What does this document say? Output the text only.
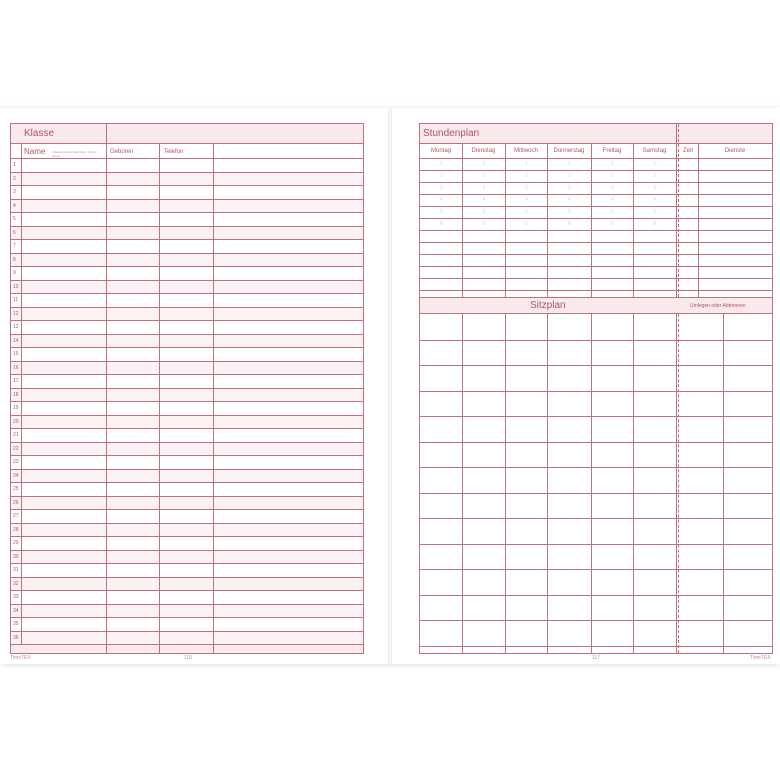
Klasse
Name (Klassenfoto/Schülerfoto) / Kürzel Name
Geboren	Telefon
1
2
3
4
5
6
7
8
9
10
11
12
13
14
15
16
17
18
19
20
21
22
23
24
25
26
27
28
29
30
31
32
33
34
35
36
TimeTEX	116
Stundenplan
Montag	Dienstag	Mittwoch	Donnerstag	Freitag	Samstag	Zeit	Dienste
1	1	1	1	1	1
2	2	2	2	2	2
3	3	3	3	3	3
4	4	4	4	4	4
5	5	5	5	5	5
6	6	6	6	6	6
Sitzplan	Umlegen oder Abtrennen
117	TimeTEX
